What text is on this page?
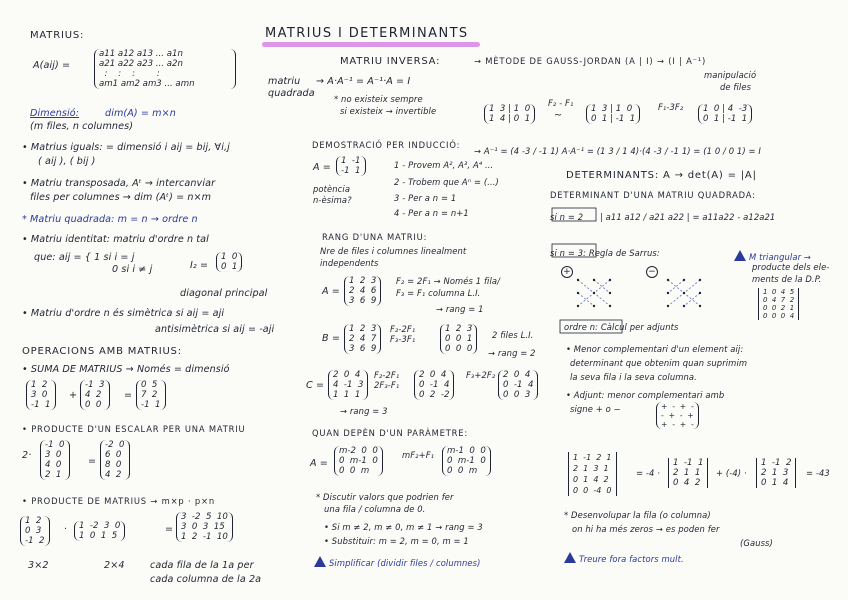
MATRIUS I DETERMINANTS
MATRIUS:
A(aij) =
a11 a12 a13 ... a1n
a21 a22 a23 ... a2n
:    :    :        :
am1 am2 am3 ... amn
Dimensió:	dim(A) = m×n
(m files, n columnes)
• Matrius iguals: = dimensió i aij = bij, ∀i,j
( aij ), ( bij )
• Matriu transposada, Aᵗ → intercanviar
files per columnes → dim (Aᵗ) = n×m
* Matriu quadrada: m = n → ordre n
• Matriu identitat: matriu d'ordre n tal
que: aij = { 1 si i = j
0 si i ≠ j	I₂ =
1  0
0  1
diagonal principal
• Matriu d'ordre n és simètrica si aij = aji
antisimètrica si aij = -aji
OPERACIONS AMB MATRIUS:
• SUMA DE MATRIUS → Només = dimensió
1  2
3  0
-1  1
+
-1  3
4  2
0  0
=
0  5
7  2
-1  1
• PRODUCTE D'UN ESCALAR PER UNA MATRIU
2·
-1  0
3  0
4  0
2  1
=
-2  0
6  0
8  0
4  2
• PRODUCTE DE MATRIUS → m×p · p×n
1  2
0  3
-1  2
·	1  -2  3  0
1  0  1  5
=
3  -2  5  10
3  0  3  15
1  2  -1  10
3×2	2×4	cada fila de la 1a per
cada columna de la 2a
MATRIU INVERSA:
matriu
quadrada
→ A·A⁻¹ = A⁻¹·A = I
* no existeix sempre
si existeix → invertible
DEMOSTRACIÓ PER INDUCCIÓ:
A =
1  -1
-1  1
1 - Provem A², A³, A⁴ ...
2 - Trobem que Aⁿ = (...)
potència
n-èsima?	3 - Per a n = 1
4 - Per a n = n+1
RANG D'UNA MATRIU:
Nre de files i columnes linealment
independents
A =
1  2  3
2  4  6
3  6  9
F₂ = 2F₁ → Només 1 fila/
F₃ = F₁ columna L.I.
→ rang = 1
B =
1  2  3
2  4  7
3  6  9
F₂-2F₁ F₃-3F₁
1  2  3
0  0  1
0  0  0
2 files L.I.
→ rang = 2
C =
2  0  4
4  -1  3
1  1  1
F₂-2F₁ 2F₃-F₁
2  0  4
0  -1  4
0  2  -2
F₃+2F₂ 2  0  4
0  -1  4
0  0  3
→ rang = 3
QUAN DEPÈN D'UN PARÀMETRE:
A =
m-2  0  0
0  m-1  0
0  0  m
mF₂+F₁	m-1  0  0
0  m-1  0
0  0  m
* Discutir valors que podrien fer
una fila / columna de 0.
• Si m ≠ 2, m ≠ 0, m ≠ 1 → rang = 3
• Substituir: m = 2, m = 0, m = 1
Simplificar (dividir files / columnes)
→ MÈTODE DE GAUSS-JORDAN (A | I) → (I | A⁻¹)
manipulació
de files
1  3 | 1  0
1  4 | 0  1
F₂ - F₁
~
1  3 | 1  0
0  1 | -1  1
F₁-3F₂	1  0 | 4  -3
0  1 | -1  1
→ A⁻¹ = (4 -3 / -1 1) A·A⁻¹ = (1 3 / 1 4)·(4 -3 / -1 1) = (1 0 / 0 1) = I
DETERMINANTS: A → det(A) = |A|
DETERMINANT D'UNA MATRIU QUADRADA:
si n = 2 | a11 a12 / a21 a22 | = a11a22 - a12a21
si n = 3: Regla de Sarrus:
+	−
M triangular →
producte dels ele-
ments de la D.P.
1  0  4  5
0  4  7  2
0  0  2  1
0  0  0  4
ordre n: Càlcul per adjunts
• Menor complementari d'un element aij:
determinant que obtenim quan suprimim
la seva fila i la seva columna.
• Adjunt: menor complementari amb
signe + o −	+  -  +  -
-  +  -  +
+  -  +  -
1  -1  2  1
2  1  3  1
0  1  4  2
0  0  -4  0
= -4 ·
1  -1  1
2  1  1
0  4  2
+ (-4) ·
1  -1  2
2  1  3
0  1  4
= -43
* Desenvolupar la fila (o columna)
on hi ha més zeros → es poden fer
(Gauss)
Treure fora factors mult.
